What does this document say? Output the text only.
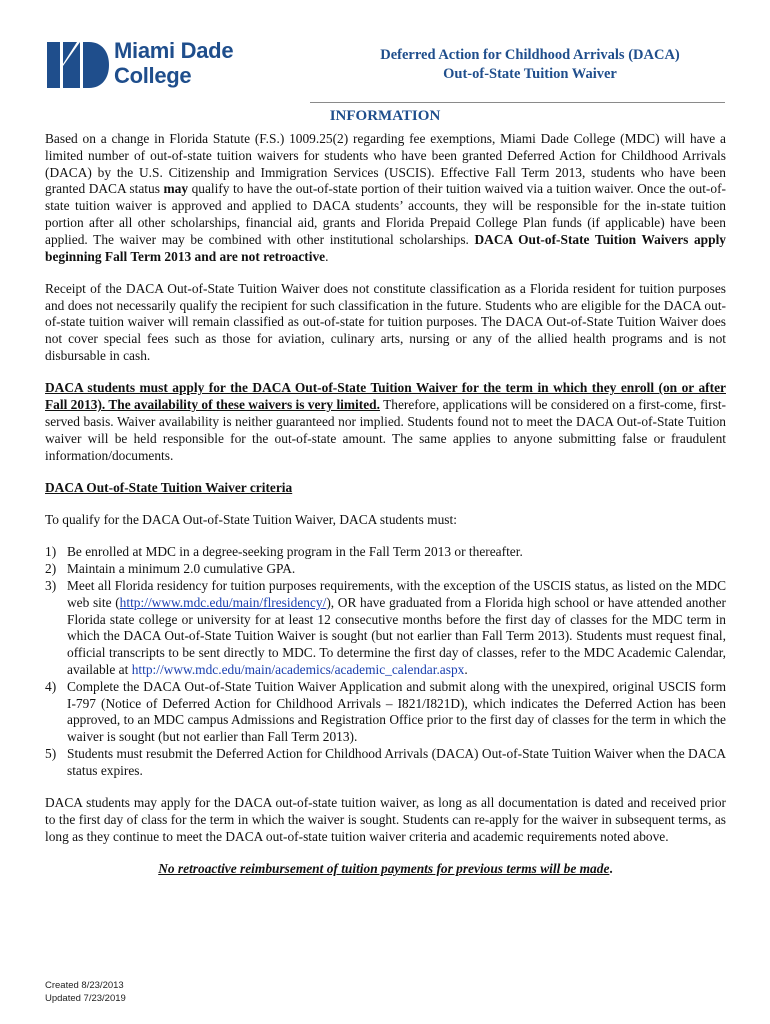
Miami Dade
College
Deferred Action for Childhood Arrivals (DACA)
Out-of-State Tuition Waiver
INFORMATION

Based on a change in Florida Statute (F.S.) 1009.25(2) regarding fee exemptions, Miami Dade College (MDC) will have a limited number of out-of-state tuition waivers for students who have been granted Deferred Action for Childhood Arrivals (DACA) by the U.S. Citizenship and Immigration Services (USCIS). Effective Fall Term 2013, students who have been granted DACA status may qualify to have the out-of-state portion of their tuition waived via a tuition waiver. Once the out-of-state tuition waiver is approved and applied to DACA students’ accounts, they will be responsible for the in-state tuition portion after all other scholarships, financial aid, grants and Florida Prepaid College Plan funds (if applicable) have been applied. The waiver may be combined with other institutional scholarships. DACA Out-of-State Tuition Waivers apply beginning Fall Term 2013 and are not retroactive.

Receipt of the DACA Out-of-State Tuition Waiver does not constitute classification as a Florida resident for tuition purposes and does not necessarily qualify the recipient for such classification in the future. Students who are eligible for the DACA out-of-state tuition waiver will remain classified as out-of-state for tuition purposes. The DACA Out-of-State Tuition Waiver does not cover special fees such as those for aviation, culinary arts, nursing or any of the allied health programs and is not disbursable in cash.

DACA students must apply for the DACA Out-of-State Tuition Waiver for the term in which they enroll (on or after Fall 2013). The availability of these waivers is very limited. Therefore, applications will be considered on a first-come, first-served basis. Waiver availability is neither guaranteed nor implied. Students found not to meet the DACA Out-of-State Tuition waiver will be held responsible for the out-of-state amount. The same applies to anyone submitting false or fraudulent information/documents.

DACA Out-of-State Tuition Waiver criteria

To qualify for the DACA Out-of-State Tuition Waiver, DACA students must:

1) Be enrolled at MDC in a degree-seeking program in the Fall Term 2013 or thereafter.
2) Maintain a minimum 2.0 cumulative GPA.
3) Meet all Florida residency for tuition purposes requirements, with the exception of the USCIS status, as listed on the MDC web site (http://www.mdc.edu/main/flresidency/), OR have graduated from a Florida high school or have attended another Florida state college or university for at least 12 consecutive months before the first day of classes for the MDC term in which the DACA Out-of-State Tuition Waiver is sought (but not earlier than Fall Term 2013). Students must request final, official transcripts to be sent directly to MDC. To determine the first day of classes, refer to the MDC Academic Calendar, available at http://www.mdc.edu/main/academics/academic_calendar.aspx.
4) Complete the DACA Out-of-State Tuition Waiver Application and submit along with the unexpired, original USCIS form I-797 (Notice of Deferred Action for Childhood Arrivals – I821/I821D), which indicates the Deferred Action has been approved, to an MDC campus Admissions and Registration Office prior to the first day of classes for the term in which the waiver is sought (but not earlier than Fall Term 2013).
5) Students must resubmit the Deferred Action for Childhood Arrivals (DACA) Out-of-State Tuition Waiver when the DACA status expires.

DACA students may apply for the DACA out-of-state tuition waiver, as long as all documentation is dated and received prior to the first day of class for the term in which the waiver is sought. Students can re-apply for the waiver in subsequent terms, as long as they continue to meet the DACA out-of-state tuition waiver criteria and academic requirements noted above.

No retroactive reimbursement of tuition payments for previous terms will be made.

Created 8/23/2013
Updated 7/23/2019
